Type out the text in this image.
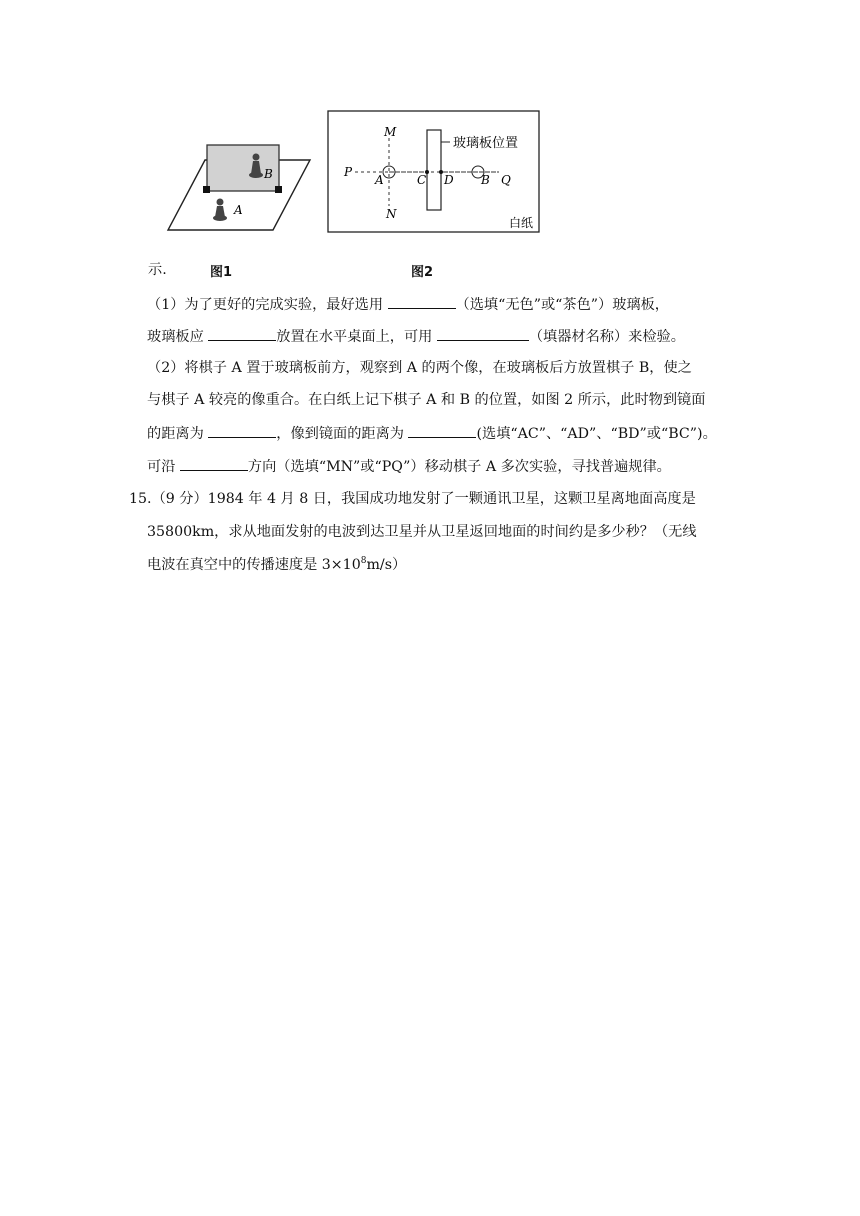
B
A
M
N
P
A	C D B Q
玻璃板位置
白纸
示.	图1	图2
（1）为了更好的完成实验，最好选用	（选填“无色”或“茶色”）玻璃板，
玻璃板应	放置在水平桌面上，可用	（填器材名称）来检验。
（2）将棋子 A 置于玻璃板前方，观察到 A 的两个像，在玻璃板后方放置棋子 B，使之
与棋子 A 较亮的像重合。在白纸上记下棋子 A 和 B 的位置，如图 2 所示，此时物到镜面
的距离为	，像到镜面的距离为	(选填“AC”、“AD”、“BD”或“BC”)。
可沿	方向（选填“MN”或“PQ”）移动棋子 A 多次实验，寻找普遍规律。
15.（9 分）1984 年 4 月 8 日，我国成功地发射了一颗通讯卫星，这颗卫星离地面高度是
35800km，求从地面发射的电波到达卫星并从卫星返回地面的时间约是多少秒？（无线
电波在真空中的传播速度是 $3\times 10^8m/s$）
